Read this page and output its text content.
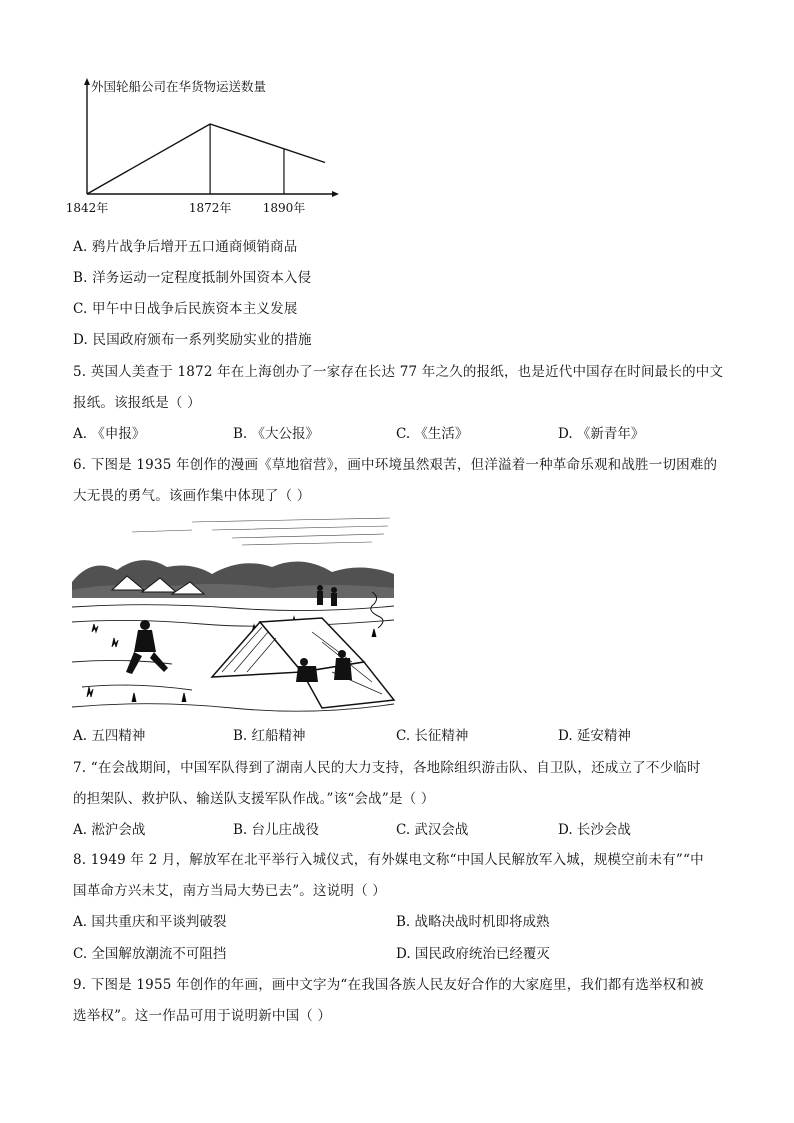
外国轮船公司在华货物运送数量
1842年	1872年	1890年
A. 鸦片战争后增开五口通商倾销商品
B. 洋务运动一定程度抵制外国资本入侵
C. 甲午中日战争后民族资本主义发展
D. 民国政府颁布一系列奖励实业的措施
5. 英国人美查于 1872 年在上海创办了一家存在长达 77 年之久的报纸，也是近代中国存在时间最长的中文
报纸。该报纸是（ ）
A. 《申报》	B. 《大公报》	C. 《生活》	D. 《新青年》
6. 下图是 1935 年创作的漫画《草地宿营》，画中环境虽然艰苦，但洋溢着一种革命乐观和战胜一切困难的
大无畏的勇气。该画作集中体现了（ ）
A. 五四精神	B. 红船精神	C. 长征精神	D. 延安精神
7. “在会战期间，中国军队得到了湖南人民的大力支持，各地除组织游击队、自卫队，还成立了不少临时
的担架队、救护队、输送队支援军队作战。”该“会战”是（ ）
A. 淞沪会战	B. 台儿庄战役	C. 武汉会战	D. 长沙会战
8. 1949 年 2 月，解放军在北平举行入城仪式，有外媒电文称“中国人民解放军入城，规模空前未有”“中
国革命方兴未艾，南方当局大势已去”。这说明（ ）
A. 国共重庆和平谈判破裂	B. 战略决战时机即将成熟
C. 全国解放潮流不可阻挡	D. 国民政府统治已经覆灭
9. 下图是 1955 年创作的年画，画中文字为“在我国各族人民友好合作的大家庭里，我们都有选举权和被
选举权”。这一作品可用于说明新中国（ ）
